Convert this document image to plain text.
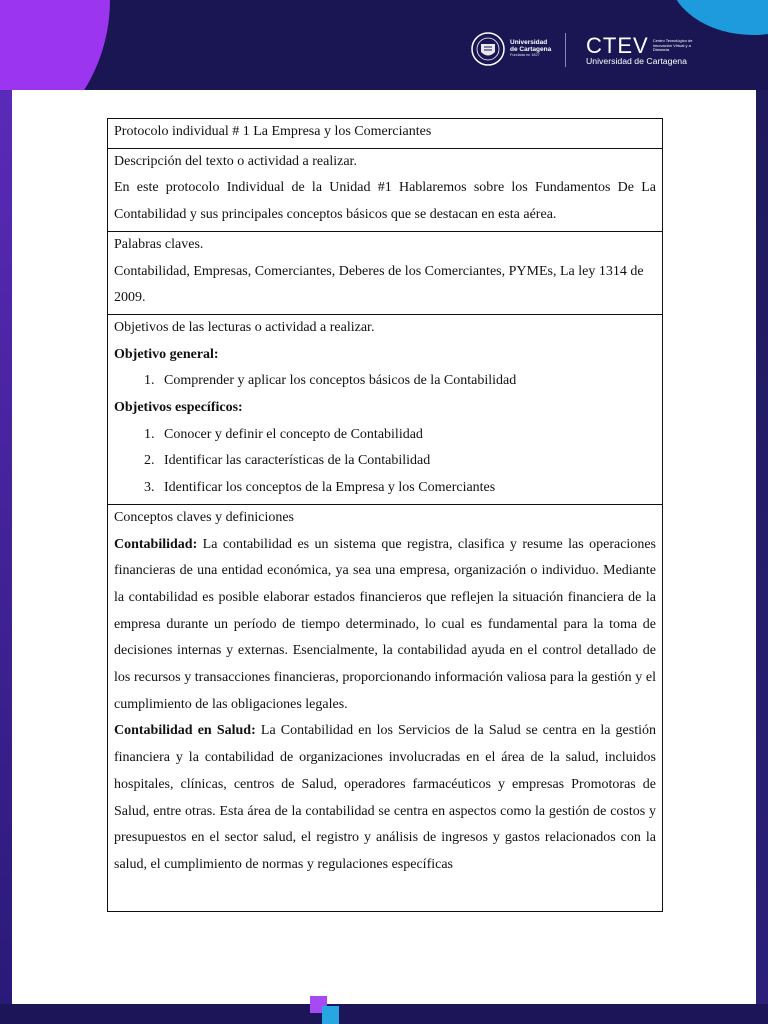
Universidad
de Cartagena
Fundada en 1827	CTEV Centro Tecnológico de Innovación Virtual y a Distancia
Universidad de Cartagena
Protocolo individual # 1 La Empresa y los Comerciantes

Descripción del texto o actividad a realizar.
En este protocolo Individual de la Unidad #1 Hablaremos sobre los Fundamentos De La Contabilidad y sus principales conceptos básicos que se destacan en esta aérea.

Palabras claves.
Contabilidad, Empresas, Comerciantes, Deberes de los Comerciantes, PYMEs, La ley 1314 de 2009.

Objetivos de las lecturas o actividad a realizar.
Objetivo general:
1. Comprender y aplicar los conceptos básicos de la Contabilidad
Objetivos específicos:
1. Conocer y definir el concepto de Contabilidad
2. Identificar las características de la Contabilidad
3. Identificar los conceptos de la Empresa y los Comerciantes

Conceptos claves y definiciones
Contabilidad: La contabilidad es un sistema que registra, clasifica y resume las operaciones financieras de una entidad económica, ya sea una empresa, organización o individuo. Mediante la contabilidad es posible elaborar estados financieros que reflejen la situación financiera de la empresa durante un período de tiempo determinado, lo cual es fundamental para la toma de decisiones internas y externas. Esencialmente, la contabilidad ayuda en el control detallado de los recursos y transacciones financieras, proporcionando información valiosa para la gestión y el cumplimiento de las obligaciones legales.
Contabilidad en Salud: La Contabilidad en los Servicios de la Salud se centra en la gestión financiera y la contabilidad de organizaciones involucradas en el área de la salud, incluidos hospitales, clínicas, centros de Salud, operadores farmacéuticos y empresas Promotoras de Salud, entre otras. Esta área de la contabilidad se centra en aspectos como la gestión de costos y presupuestos en el sector salud, el registro y análisis de ingresos y gastos relacionados con la salud, el cumplimiento de normas y regulaciones específicas
